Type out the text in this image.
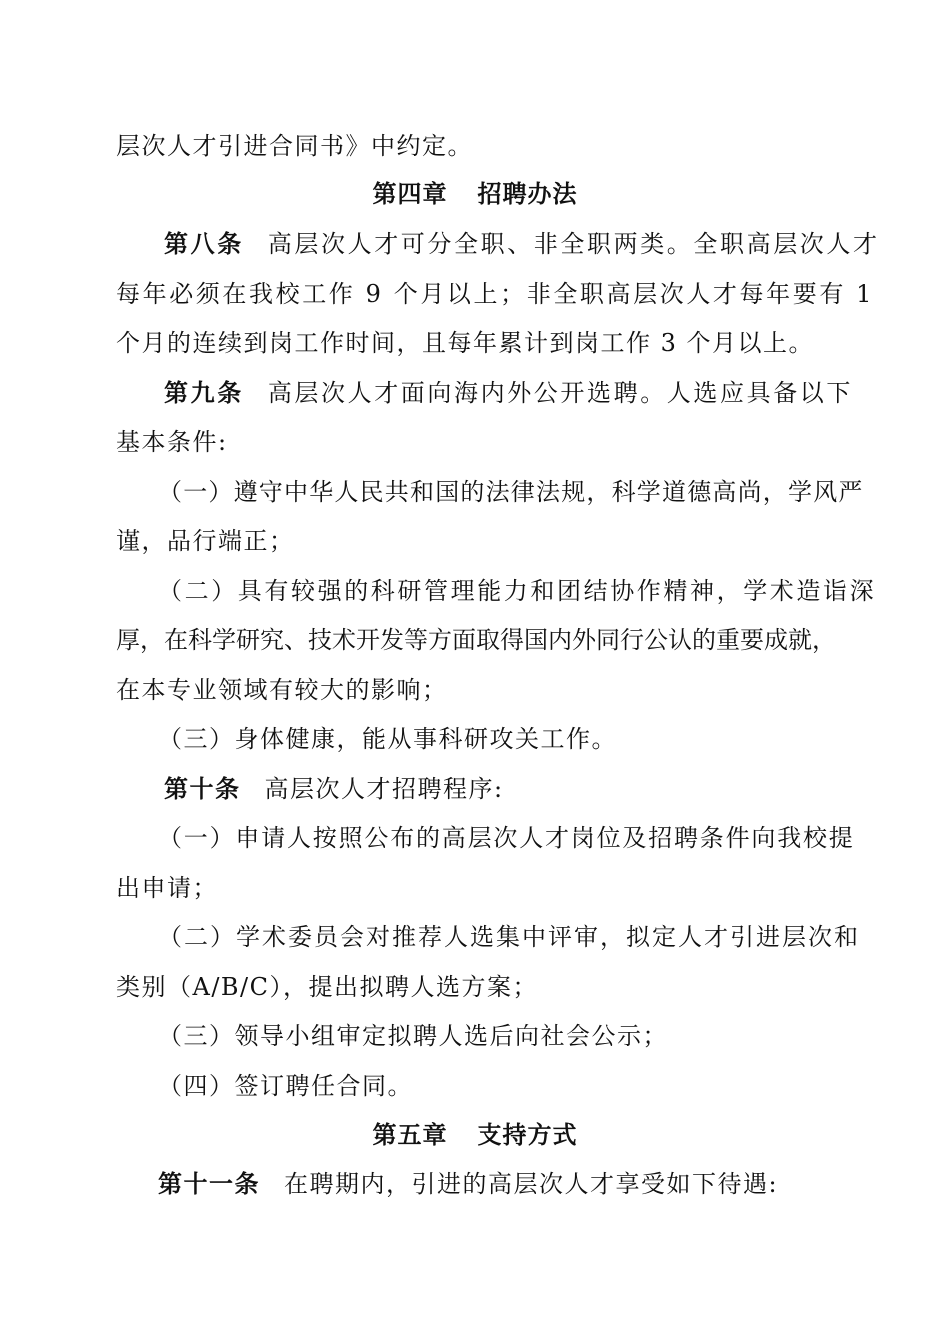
层次人才引进合同书》中约定。
第四章 招聘办法
第八条 高层次人才可分全职、非全职两类。全职高层次人才
每年必须在我校工作 9 个月以上；非全职高层次人才每年要有 1
个月的连续到岗工作时间，且每年累计到岗工作 3 个月以上。
第九条 高层次人才面向海内外公开选聘。人选应具备以下
基本条件:
（一）遵守中华人民共和国的法律法规，科学道德高尚，学风严
谨，品行端正；
（二）具有较强的科研管理能力和团结协作精神，学术造诣深
厚，在科学研究、技术开发等方面取得国内外同行公认的重要成就，
在本专业领域有较大的影响；
（三）身体健康，能从事科研攻关工作。
第十条 高层次人才招聘程序:
（一）申请人按照公布的高层次人才岗位及招聘条件向我校提
出申请；
（二）学术委员会对推荐人选集中评审，拟定人才引进层次和
类别（A/B/C），提出拟聘人选方案；
（三）领导小组审定拟聘人选后向社会公示；
（四）签订聘任合同。
第五章 支持方式
第十一条 在聘期内，引进的高层次人才享受如下待遇:
